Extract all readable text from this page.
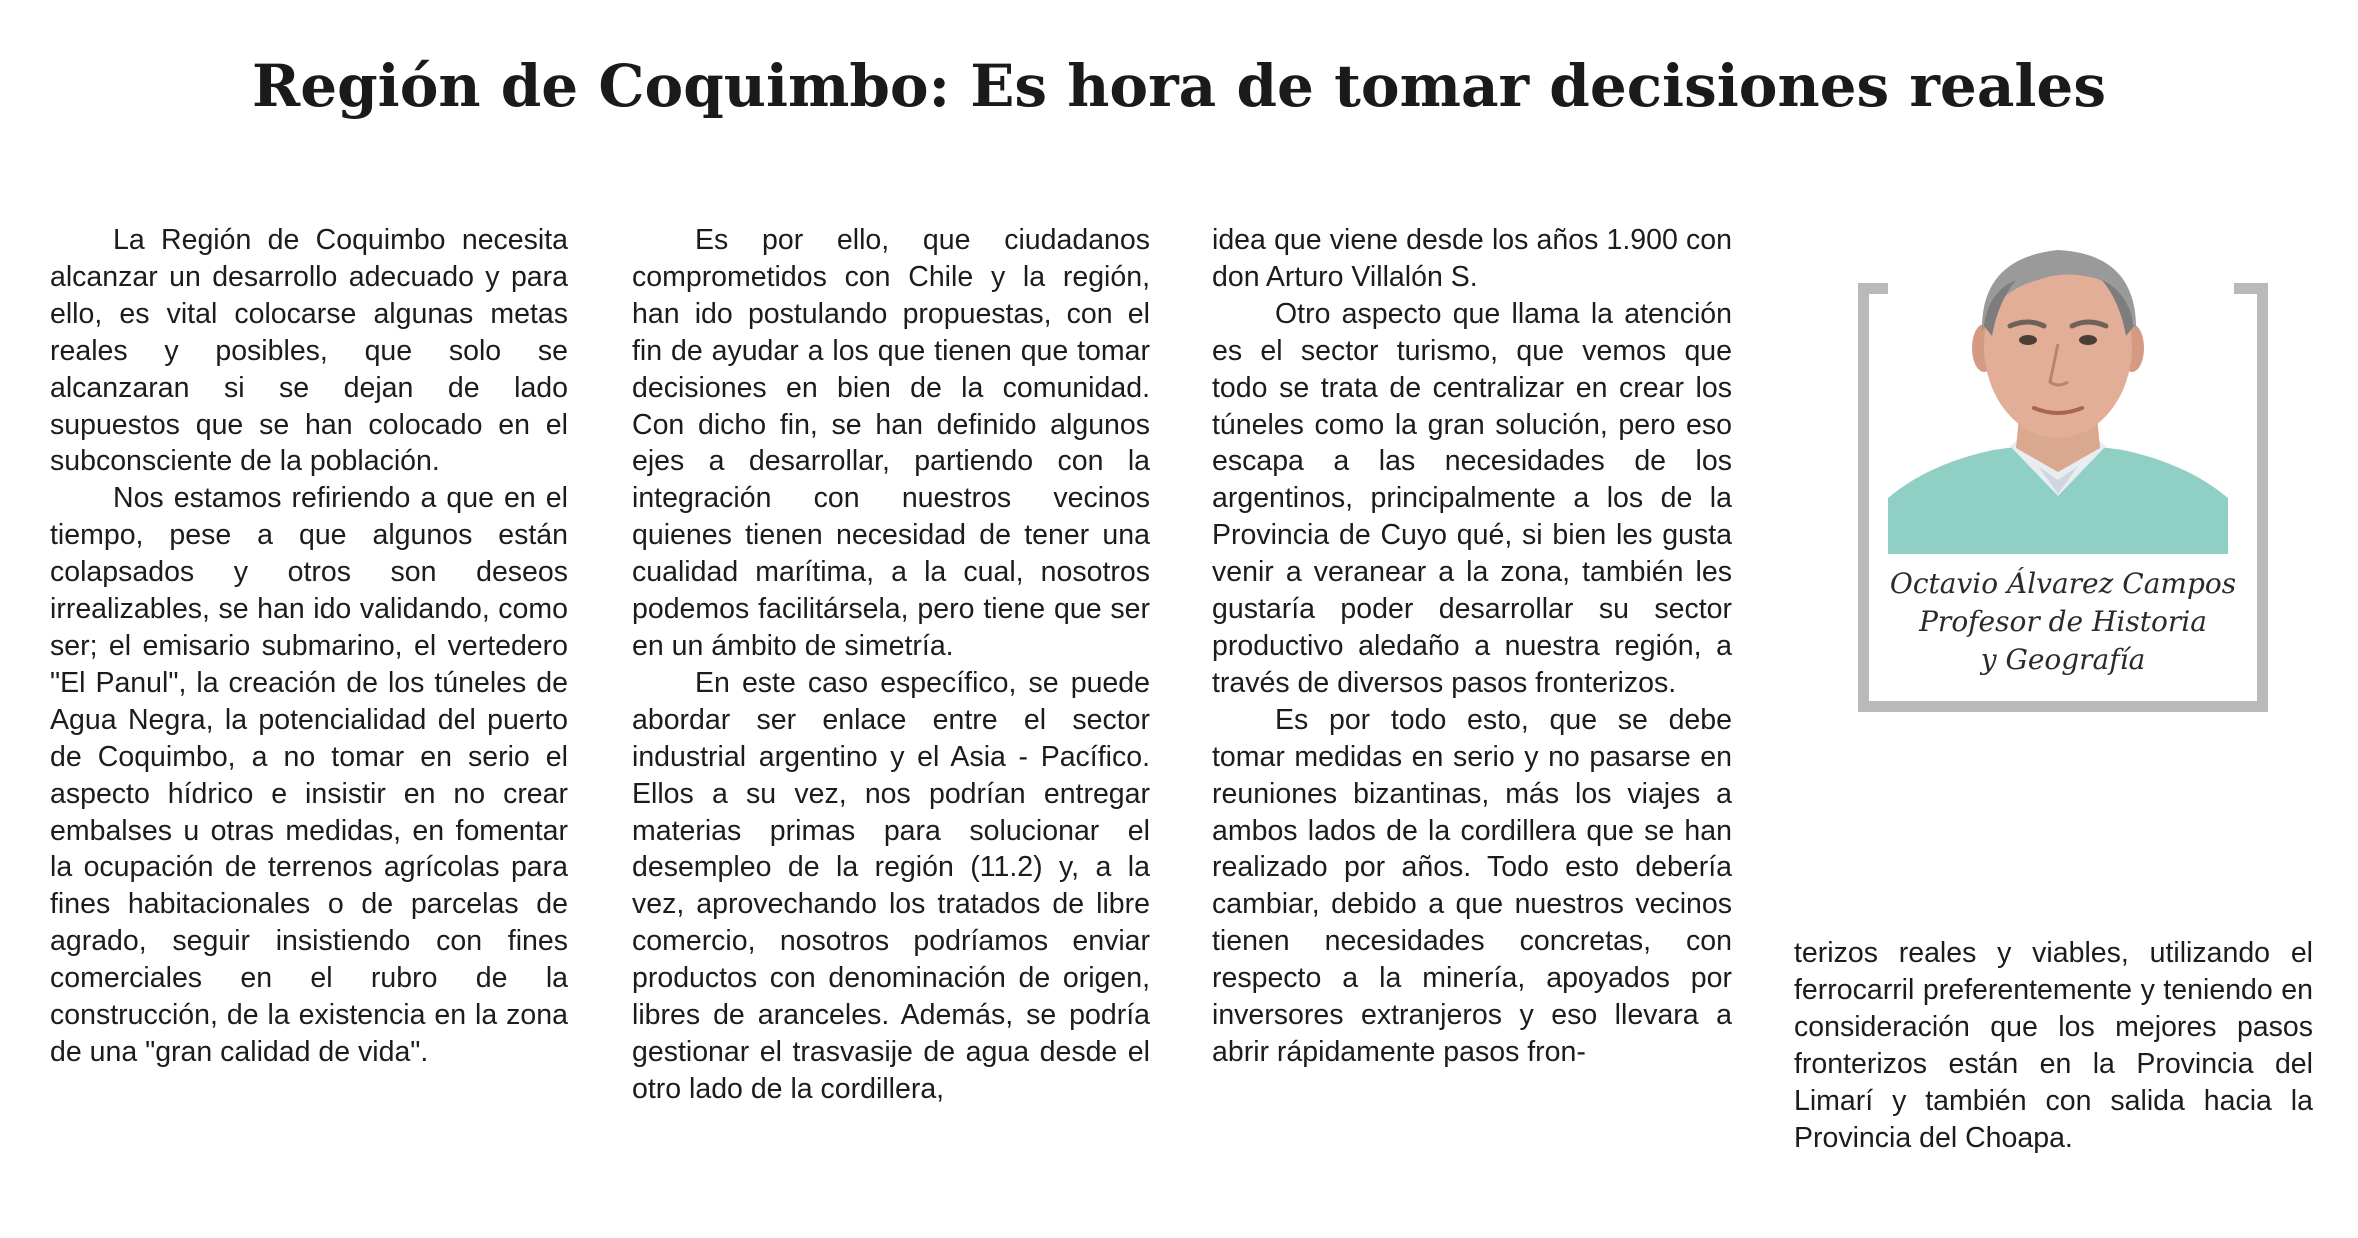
Región de Coquimbo: Es hora de tomar decisiones reales

La Región de Coquimbo necesita alcanzar un desarrollo adecuado y para ello, es vital colocarse algunas metas reales y posibles, que solo se alcanzaran si se dejan de lado supuestos que se han colocado en el subconsciente de la población.

Nos estamos refiriendo a que en el tiempo, pese a que algunos están colapsados y otros son deseos irrealizables, se han ido validando, como ser; el emisario submarino, el vertedero "El Panul", la creación de los túneles de Agua Negra, la potencialidad del puerto de Coquimbo, a no tomar en serio el aspecto hídrico e insistir en no crear embalses u otras medidas, en fomentar la ocupación de terrenos agrícolas para fines habitacionales o de parcelas de agrado, seguir insistiendo con fines comerciales en el rubro de la construcción, de la existencia en la zona de una "gran calidad de vida".

Es por ello, que ciudadanos comprometidos con Chile y la región, han ido postulando propuestas, con el fin de ayudar a los que tienen que tomar decisiones en bien de la comunidad. Con dicho fin, se han definido algunos ejes a desarrollar, partiendo con la integración con nuestros vecinos quienes tienen necesidad de tener una cualidad marítima, a la cual, nosotros podemos facilitársela, pero tiene que ser en un ámbito de simetría.

En este caso específico, se puede abordar ser enlace entre el sector industrial argentino y el Asia - Pacífico. Ellos a su vez, nos podrían entregar materias primas para solucionar el desempleo de la región (11.2) y, a la vez, aprovechando los tratados de libre comercio, nosotros podríamos enviar productos con denominación de origen, libres de aranceles. Además, se podría gestionar el trasvasije de agua desde el otro lado de la cordillera,

idea que viene desde los años 1.900 con don Arturo Villalón S.

Otro aspecto que llama la atención es el sector turismo, que vemos que todo se trata de centralizar en crear los túneles como la gran solución, pero eso escapa a las necesidades de los argentinos, principalmente a los de la Provincia de Cuyo qué, si bien les gusta venir a veranear a la zona, también les gustaría poder desarrollar su sector productivo aledaño a nuestra región, a través de diversos pasos fronterizos.

Es por todo esto, que se debe tomar medidas en serio y no pasarse en reuniones bizantinas, más los viajes a ambos lados de la cordillera que se han realizado por años. Todo esto debería cambiar, debido a que nuestros vecinos tienen necesidades concretas, con respecto a la minería, apoyados por inversores extranjeros y eso llevara a abrir rápidamente pasos fron-

terizos reales y viables, utilizando el ferrocarril preferentemente y teniendo en consideración que los mejores pasos fronterizos están en la Provincia del Limarí y también con salida hacia la Provincia del Choapa.

Octavio Álvarez Campos
Profesor de Historia
y Geografía
